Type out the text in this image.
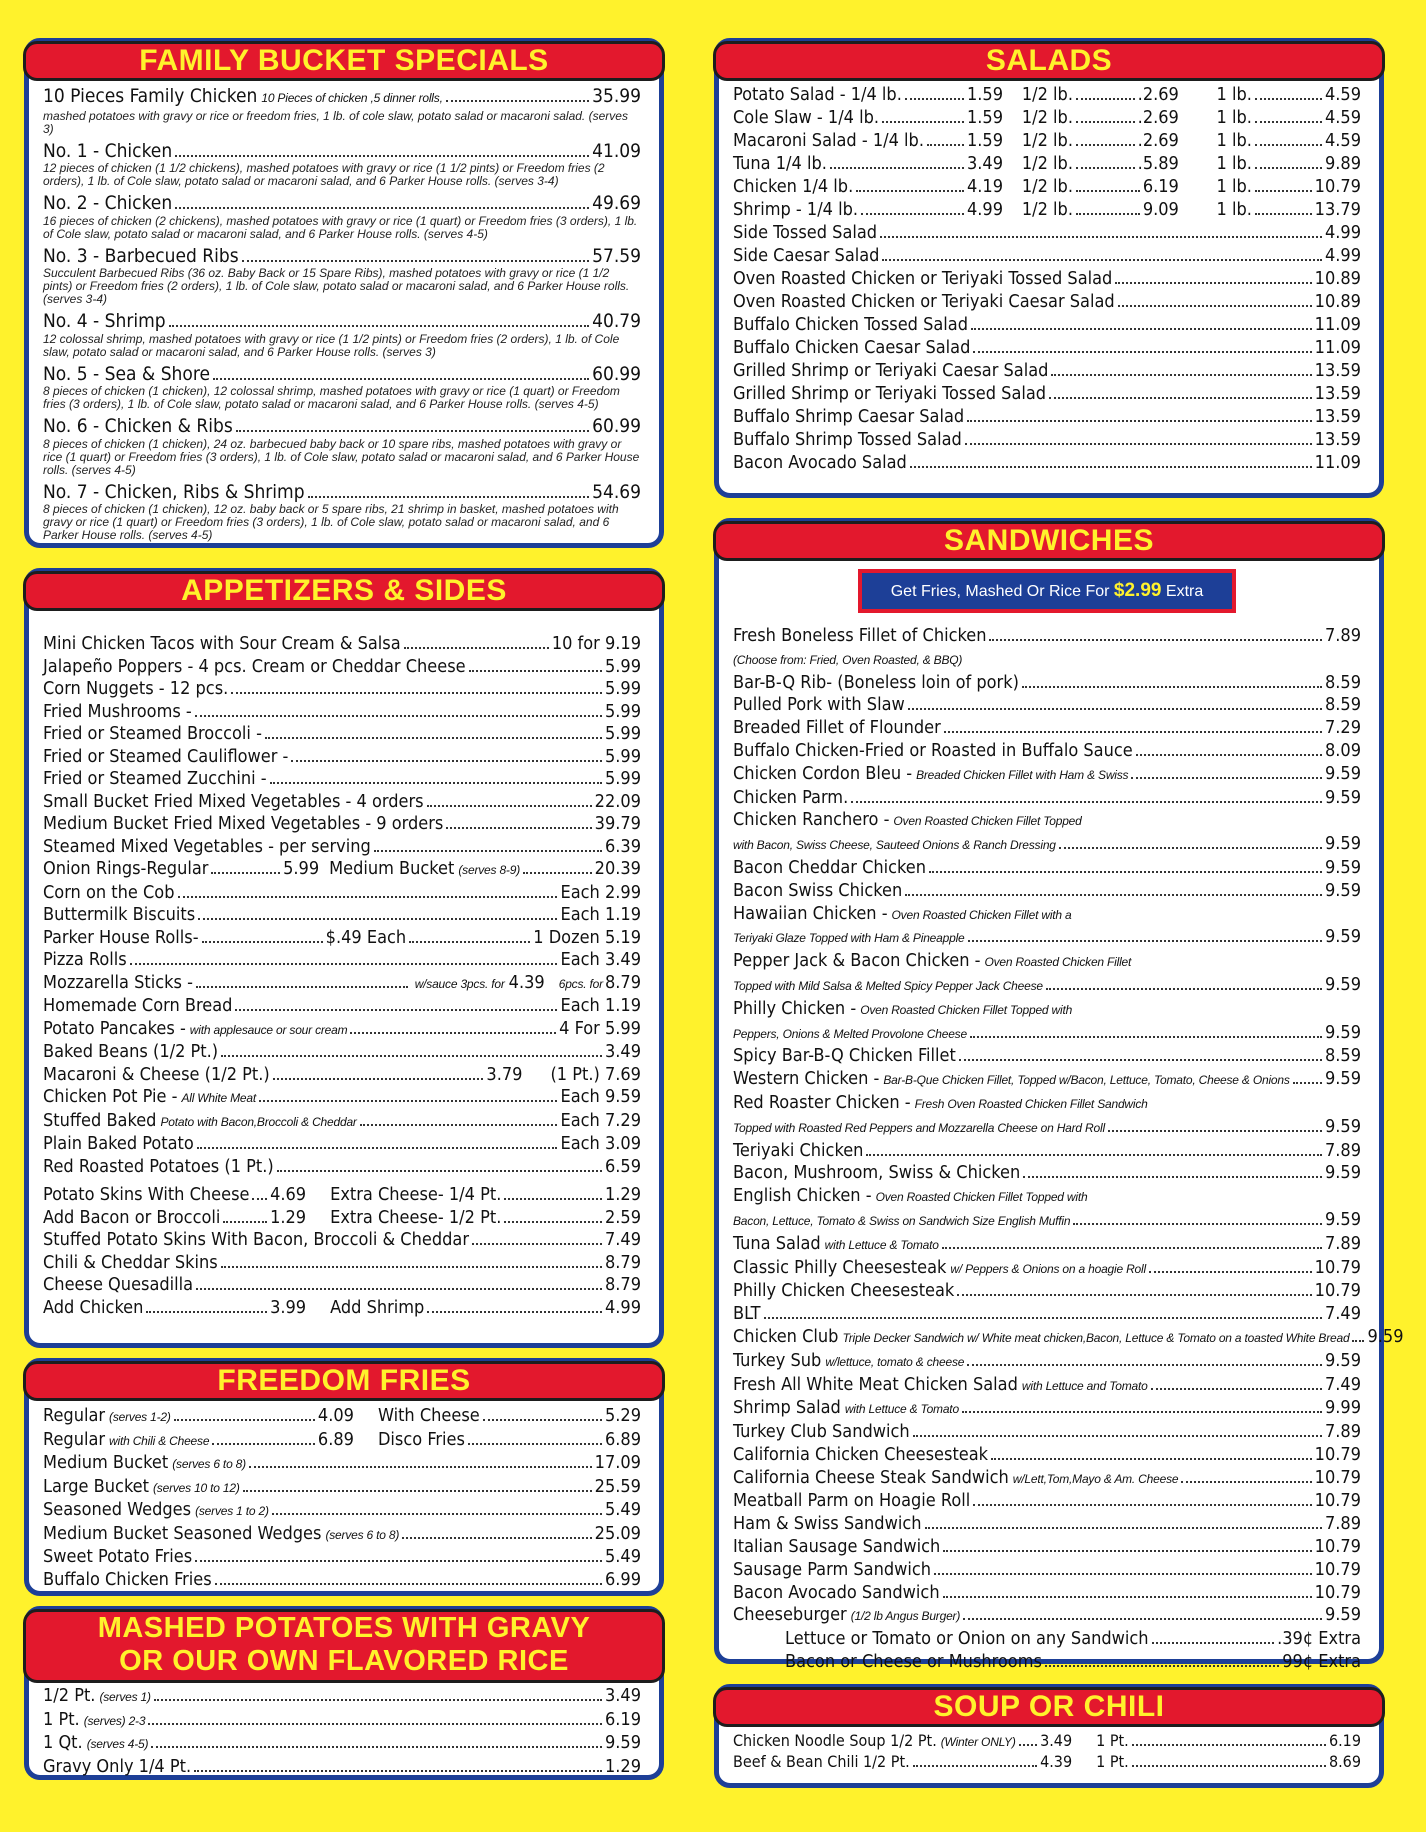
FAMILY BUCKET SPECIALS
10 Pieces Family Chicken 10 Pieces of chicken ,5 dinner rolls,	35.99
mashed potatoes with gravy or rice or freedom fries, 1 lb. of cole slaw, potato salad or macaroni salad. (serves 3)
No. 1 - Chicken	41.09
12 pieces of chicken (1 1/2 chickens), mashed potatoes with gravy or rice (1 1/2 pints) or Freedom fries (2 orders), 1 lb. of Cole slaw, potato salad or macaroni salad, and 6 Parker House rolls. (serves 3-4)
No. 2 - Chicken	49.69
16 pieces of chicken (2 chickens), mashed potatoes with gravy or rice (1 quart) or Freedom fries (3 orders), 1 lb. of Cole slaw, potato salad or macaroni salad, and 6 Parker House rolls. (serves 4-5)
No. 3 - Barbecued Ribs	57.59
Succulent Barbecued Ribs (36 oz. Baby Back or 15 Spare Ribs), mashed potatoes with gravy or rice (1 1/2 pints) or Freedom fries (2 orders), 1 lb. of Cole slaw, potato salad or macaroni salad, and 6 Parker House rolls. (serves 3-4)
No. 4 - Shrimp	40.79
12 colossal shrimp, mashed potatoes with gravy or rice (1 1/2 pints) or Freedom fries (2 orders), 1 lb. of Cole slaw, potato salad or macaroni salad, and 6 Parker House rolls. (serves 3)
No. 5 - Sea & Shore	60.99
8 pieces of chicken (1 chicken), 12 colossal shrimp, mashed potatoes with gravy or rice (1 quart) or Freedom fries (3 orders), 1 lb. of Cole slaw, potato salad or macaroni salad, and 6 Parker House rolls. (serves 4-5)
No. 6 - Chicken & Ribs	60.99
8 pieces of chicken (1 chicken), 24 oz. barbecued baby back or 10 spare ribs, mashed potatoes with gravy or rice (1 quart) or Freedom fries (3 orders), 1 lb. of Cole slaw, potato salad or macaroni salad, and 6 Parker House rolls. (serves 4-5)
No. 7 - Chicken, Ribs & Shrimp	54.69
8 pieces of chicken (1 chicken), 12 oz. baby back or 5 spare ribs, 21 shrimp in basket, mashed potatoes with gravy or rice (1 quart) or Freedom fries (3 orders), 1 lb. of Cole slaw, potato salad or macaroni salad, and 6 Parker House rolls. (serves 4-5)
APPETIZERS & SIDES
Mini Chicken Tacos with Sour Cream & Salsa	10 for 9.19
Jalapeño Poppers - 4 pcs. Cream or Cheddar Cheese	5.99
Corn Nuggets - 12 pcs.	5.99
Fried Mushrooms -	5.99
Fried or Steamed Broccoli -	5.99
Fried or Steamed Cauliflower -	5.99
Fried or Steamed Zucchini -	5.99
Small Bucket Fried Mixed Vegetables - 4 orders	22.09
Medium Bucket Fried Mixed Vegetables - 9 orders	39.79
Steamed Mixed Vegetables - per serving	6.39
Onion Rings-Regular	5.99 Medium Bucket (serves 8-9)	20.39
Corn on the Cob	Each 2.99
Buttermilk Biscuits	Each 1.19
Parker House Rolls-	$.49 Each	1 Dozen 5.19
Pizza Rolls	Each 3.49
Mozzarella Sticks -	w/sauce 3pcs. for 4.39 6pcs. for 8.79
Homemade Corn Bread	Each 1.19
Potato Pancakes - with applesauce or sour cream	4 For 5.99
Baked Beans (1/2 Pt.)	3.49
Macaroni & Cheese (1/2 Pt.)	3.79 (1 Pt.) 7.69
Chicken Pot Pie - All White Meat	Each 9.59
Stuffed Baked Potato with Bacon,Broccoli & Cheddar	Each 7.29
Plain Baked Potato	Each 3.09
Red Roasted Potatoes (1 Pt.)	6.59
Potato Skins With Cheese 4.69 Extra Cheese- 1/4 Pt.	1.29
Add Bacon or Broccoli	1.29 Extra Cheese- 1/2 Pt.	2.59
Stuffed Potato Skins With Bacon, Broccoli & Cheddar	7.49
Chili & Cheddar Skins	8.79
Cheese Quesadilla	8.79
Add Chicken	3.99 Add Shrimp	4.99
FREEDOM FRIES
Regular (serves 1-2)	4.09 With Cheese	5.29
Regular with Chili & Cheese	6.89 Disco Fries	6.89
Medium Bucket (serves 6 to 8)	17.09
Large Bucket (serves 10 to 12)	25.59
Seasoned Wedges (serves 1 to 2)	5.49
Medium Bucket Seasoned Wedges (serves 6 to 8)	25.09
Sweet Potato Fries	5.49
Buffalo Chicken Fries	6.99
MASHED POTATOES WITH GRAVY
OR OUR OWN FLAVORED RICE
1/2 Pt. (serves 1)	3.49
1 Pt. (serves) 2-3	6.19
1 Qt. (serves 4-5)	9.59
Gravy Only 1/4 Pt.	1.29
SALADS
Potato Salad - 1/4 lb.	1.59 1/2 lb.	.2.69 1 lb.	4.59
Cole Slaw - 1/4 lb.	1.59 1/2 lb.	.2.69 1 lb.	4.59
Macaroni Salad - 1/4 lb. 1.59 1/2 lb.	.2.69 1 lb.	4.59
Tuna 1/4 lb.	3.49 1/2 lb.	.5.89 1 lb.	9.89
Chicken 1/4 lb.	4.19 1/2 lb.	6.19 1 lb.	10.79
Shrimp - 1/4 lb.	4.99 1/2 lb.	9.09 1 lb.	13.79
Side Tossed Salad	4.99
Side Caesar Salad	4.99
Oven Roasted Chicken or Teriyaki Tossed Salad	10.89
Oven Roasted Chicken or Teriyaki Caesar Salad	10.89
Buffalo Chicken Tossed Salad	11.09
Buffalo Chicken Caesar Salad	11.09
Grilled Shrimp or Teriyaki Caesar Salad	13.59
Grilled Shrimp or Teriyaki Tossed Salad	13.59
Buffalo Shrimp Caesar Salad	13.59
Buffalo Shrimp Tossed Salad	13.59
Bacon Avocado Salad	11.09
SANDWICHES
Get Fries, Mashed Or Rice For $2.99 Extra
Fresh Boneless Fillet of Chicken	7.89
(Choose from: Fried, Oven Roasted, & BBQ)
Bar-B-Q Rib- (Boneless loin of pork)	8.59
Pulled Pork with Slaw	8.59
Breaded Fillet of Flounder	7.29
Buffalo Chicken-Fried or Roasted in Buffalo Sauce	8.09
Chicken Cordon Bleu - Breaded Chicken Fillet with Ham & Swiss	9.59
Chicken Parm.	9.59
Chicken Ranchero - Oven Roasted Chicken Fillet Topped
with Bacon, Swiss Cheese, Sauteed Onions & Ranch Dressing	9.59
Bacon Cheddar Chicken	9.59
Bacon Swiss Chicken	9.59
Hawaiian Chicken - Oven Roasted Chicken Fillet with a
Teriyaki Glaze Topped with Ham & Pineapple	9.59
Pepper Jack & Bacon Chicken - Oven Roasted Chicken Fillet
Topped with Mild Salsa & Melted Spicy Pepper Jack Cheese	9.59
Philly Chicken - Oven Roasted Chicken Fillet Topped with
Peppers, Onions & Melted Provolone Cheese	9.59
Spicy Bar-B-Q Chicken Fillet	8.59
Western Chicken - Bar-B-Que Chicken Fillet, Topped w/Bacon, Lettuce, Tomato, Cheese & Onions 9.59
Red Roaster Chicken - Fresh Oven Roasted Chicken Fillet Sandwich
Topped with Roasted Red Peppers and Mozzarella Cheese on Hard Roll	9.59
Teriyaki Chicken	7.89
Bacon, Mushroom, Swiss & Chicken	9.59
English Chicken - Oven Roasted Chicken Fillet Topped with
Bacon, Lettuce, Tomato & Swiss on Sandwich Size English Muffin	9.59
Tuna Salad with Lettuce & Tomato	7.89
Classic Philly Cheesesteak w/ Peppers & Onions on a hoagie Roll	10.79
Philly Chicken Cheesesteak	10.79
BLT	7.49
Chicken Club Triple Decker Sandwich w/ White meat chicken,Bacon, Lettuce & Tomato on a toasted White Bread 9.59
Turkey Sub w/lettuce, tomato & cheese	9.59
Fresh All White Meat Chicken Salad with Lettuce and Tomato	7.49
Shrimp Salad with Lettuce & Tomato	9.99
Turkey Club Sandwich	7.89
California Chicken Cheesesteak	10.79
California Cheese Steak Sandwich w/Lett,Tom,Mayo & Am. Cheese	10.79
Meatball Parm on Hoagie Roll	10.79
Ham & Swiss Sandwich	7.89
Italian Sausage Sandwich	10.79
Sausage Parm Sandwich	10.79
Bacon Avocado Sandwich	10.79
Cheeseburger (1/2 lb Angus Burger)	9.59
Lettuce or Tomato or Onion on any Sandwich	.39¢ Extra
Bacon or Cheese or Mushrooms	99¢ Extra
SOUP OR CHILI
Chicken Noodle Soup 1/2 Pt. (Winter ONLY) 3.49 1 Pt.	6.19
Beef & Bean Chili 1/2 Pt.	4.39 1 Pt.	8.69
